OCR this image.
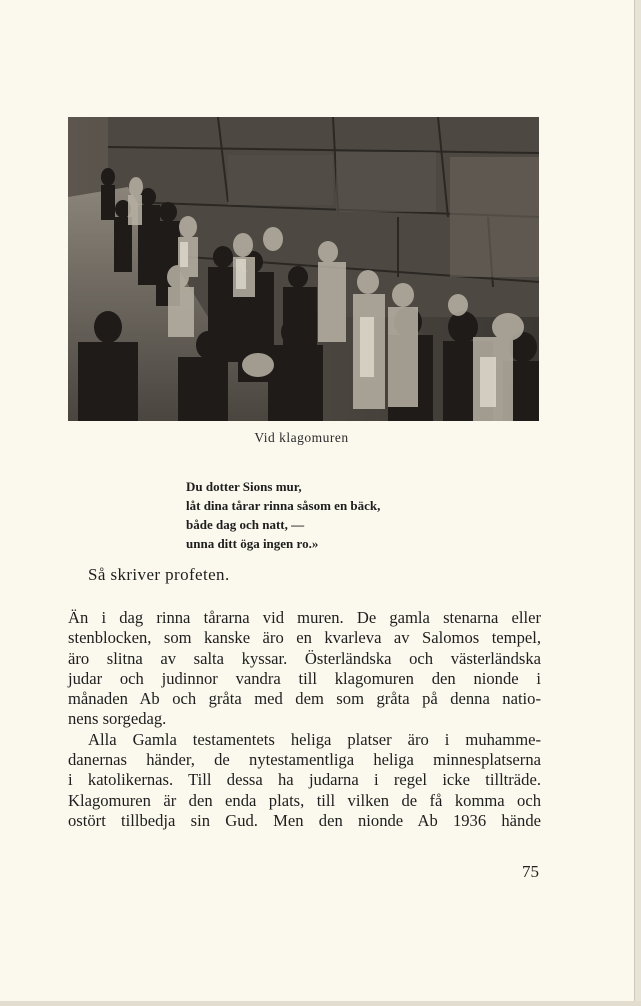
Vid klagomuren
Du dotter Sions mur,
låt dina tårar rinna såsom en bäck,
både dag och natt, —
unna ditt öga ingen ro.»
Så skriver profeten.
Än i dag rinna tårarna vid muren. De gamla stenarna eller
stenblocken, som kanske äro en kvarleva av Salomos tempel,
äro slitna av salta kyssar. Österländska och västerländska
judar och judinnor vandra till klagomuren den nionde i
månaden Ab och gråta med dem som gråta på denna natio-
nens sorgedag.
Alla Gamla testamentets heliga platser äro i muhamme-
danernas händer, de nytestamentliga heliga minnesplatserna
i katolikernas. Till dessa ha judarna i regel icke tillträde.
Klagomuren är den enda plats, till vilken de få komma och
ostört tillbedja sin Gud. Men den nionde Ab 1936 hände
75
